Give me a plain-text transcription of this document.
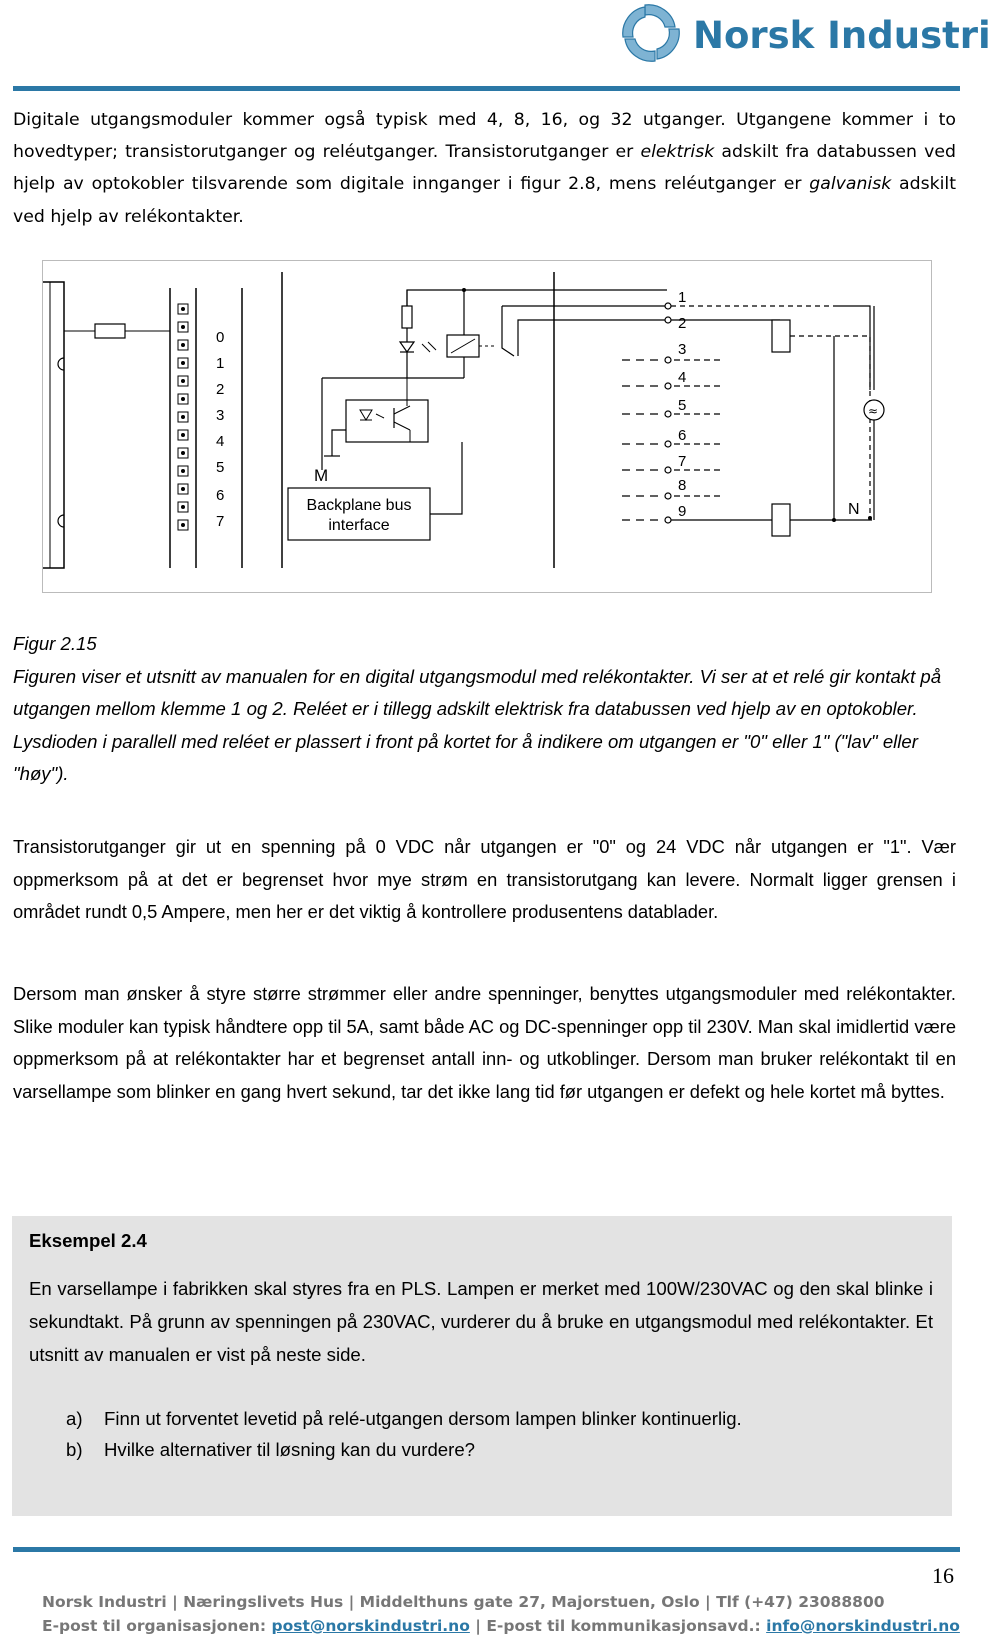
Norsk Industri
Digitale utgangsmoduler kommer også typisk med 4, 8, 16, og 32 utganger. Utgangene kommer i to hovedtyper; transistorutganger og reléutganger. Transistorutganger er elektrisk adskilt fra databussen ved hjelp av optokobler tilsvarende som digitale innganger i figur 2.8, mens reléutganger er galvanisk adskilt ved hjelp av relékontakter.
0
1
2
3
4
5
6
7
M
Backplane bus
interface
1
2
3
4
5
6
7
8
9
≈
N
Figur 2.15
Figuren viser et utsnitt av manualen for en digital utgangsmodul med relékontakter. Vi ser at et relé gir kontakt på utgangen mellom klemme 1 og 2. Reléet er i tillegg adskilt elektrisk fra databussen ved hjelp av en optokobler. Lysdioden i parallell med reléet er plassert i front på kortet for å indikere om utgangen er "0" eller 1" ("lav" eller "høy").
Transistorutganger gir ut en spenning på 0 VDC når utgangen er "0" og 24 VDC når utgangen er "1". Vær oppmerksom på at det er begrenset hvor mye strøm en transistorutgang kan levere. Normalt ligger grensen i området rundt 0,5 Ampere, men her er det viktig å kontrollere produsentens datablader.
Dersom man ønsker å styre større strømmer eller andre spenninger, benyttes utgangsmoduler med relékontakter. Slike moduler kan typisk håndtere opp til 5A, samt både AC og DC-spenninger opp til 230V. Man skal imidlertid være oppmerksom på at relékontakter har et begrenset antall inn- og utkoblinger. Dersom man bruker relékontakt til en varsellampe som blinker en gang hvert sekund, tar det ikke lang tid før utgangen er defekt og hele kortet må byttes.
Eksempel 2.4
En varsellampe i fabrikken skal styres fra en PLS. Lampen er merket med 100W/230VAC og den skal blinke i sekundtakt. På grunn av spenningen på 230VAC, vurderer du å bruke en utgangsmodul med relékontakter. Et utsnitt av manualen er vist på neste side.
a) Finn ut forventet levetid på relé-utgangen dersom lampen blinker kontinuerlig.
b) Hvilke alternativer til løsning kan du vurdere?
16
Norsk Industri | Næringslivets Hus | Middelthuns gate 27, Majorstuen, Oslo | Tlf (+47) 23088800
E-post til organisasjonen: post@norskindustri.no | E-post til kommunikasjonsavd.: info@norskindustri.no
